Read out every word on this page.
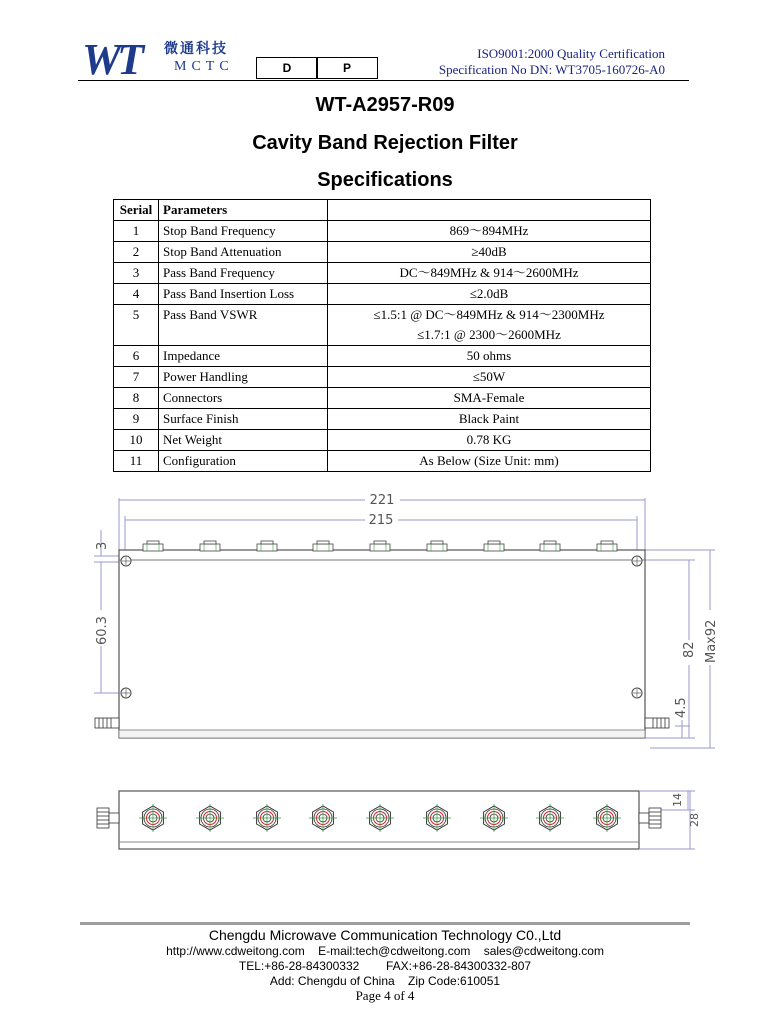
WT 微通科技
MCTC	D	P
ISO9001:2000 Quality Certification
Specification No DN: WT3705-160726-A0
WT-A2957-R09
Cavity Band Rejection Filter
Specifications
Serial	Parameters	
1	Stop Band Frequency	869～894MHz
2	Stop Band Attenuation	≥40dB
3	Pass Band Frequency	DC～849MHz & 914～2600MHz
4	Pass Band Insertion Loss	≤2.0dB
5	Pass Band VSWR	≤1.5:1 @ DC～849MHz & 914～2300MHz
≤1.7:1 @ 2300～2600MHz

6	Impedance	50 ohms
7	Power Handling	≤50W
8	Connectors	SMA-Female
9	Surface Finish	Black Paint
10	Net Weight	0.78 KG
11	Configuration	As Below (Size Unit: mm)
221
215
3
60.3
82 Max92
4.5
14
28
Chengdu Microwave Communication Technology C0.,Ltd
http://www.cdweitong.com    E-mail:tech@cdweitong.com    sales@cdweitong.com
TEL:+86-28-84300332        FAX:+86-28-84300332-807
Add: Chengdu of China    Zip Code:610051
Page 4 of 4
